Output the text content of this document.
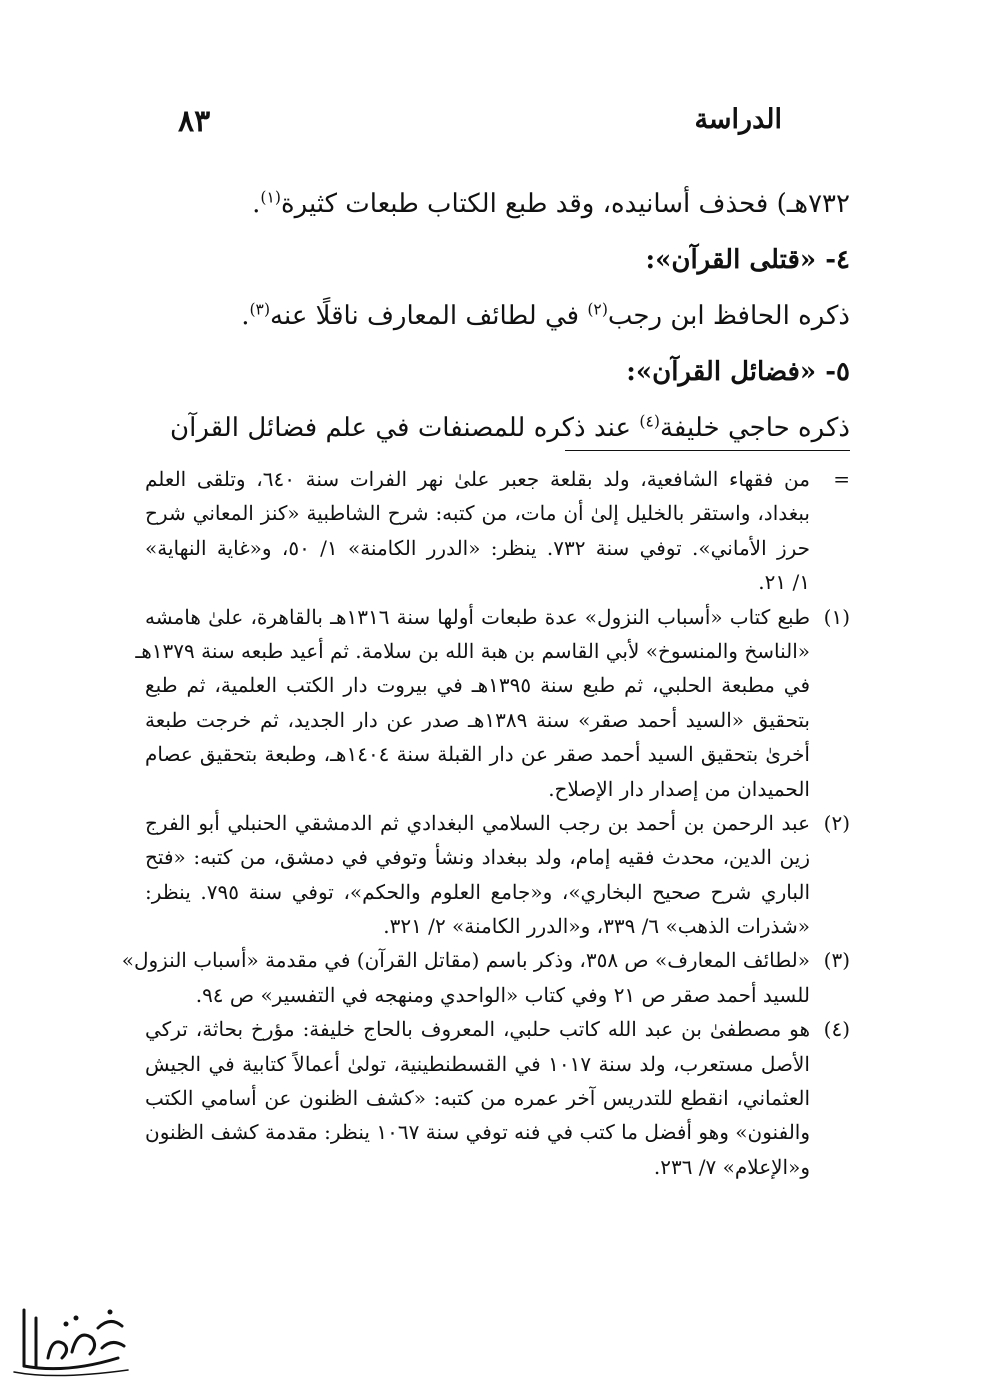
الدراسة
٨٣
٧٣٢هـ) فحذف أسانيده، وقد طبع الكتاب طبعات كثيرة$^{(١)}$.
٤- «قتلى القرآن»:
ذكره الحافظ ابن رجب$^{(٢)}$ في لطائف المعارف ناقلًا عنه$^{(٣)}$.
٥- «فضائل القرآن»:
ذكره حاجي خليفة$^{(٤)}$ عند ذكره للمصنفات في علم فضائل القرآن
=
من فقهاء الشافعية، ولد بقلعة جعبر علىٰ نهر الفرات سنة ٦٤٠، وتلقى العلم
ببغداد، واستقر بالخليل إلىٰ أن مات، من كتبه: شرح الشاطبية «كنز المعاني شرح
حرز الأماني». توفي سنة ٧٣٢. ينظر: «الدرر الكامنة» ١/ ٥٠، و«غاية النهاية»
١/ ٢١.
(١)
طبع كتاب «أسباب النزول» عدة طبعات أولها سنة ١٣١٦هـ بالقاهرة، علىٰ هامشه
«الناسخ والمنسوخ» لأبي القاسم بن هبة الله بن سلامة. ثم أعيد طبعه سنة ١٣٧٩هـ
في مطبعة الحلبي، ثم طبع سنة ١٣٩٥هـ في بيروت دار الكتب العلمية، ثم طبع
بتحقيق «السيد أحمد صقر» سنة ١٣٨٩هـ صدر عن دار الجديد، ثم خرجت طبعة
أخرىٰ بتحقيق السيد أحمد صقر عن دار القبلة سنة ١٤٠٤هـ، وطبعة بتحقيق عصام
الحميدان من إصدار دار الإصلاح.
(٢)
عبد الرحمن بن أحمد بن رجب السلامي البغدادي ثم الدمشقي الحنبلي أبو الفرج
زين الدين، محدث فقيه إمام، ولد ببغداد ونشأ وتوفي في دمشق، من كتبه: «فتح
الباري شرح صحيح البخاري»، و«جامع العلوم والحكم»، توفي سنة ٧٩٥. ينظر:
«شذرات الذهب» ٦/ ٣٣٩، و«الدرر الكامنة» ٢/ ٣٢١.
(٣)
«لطائف المعارف» ص ٣٥٨، وذكر باسم (مقاتل القرآن) في مقدمة «أسباب النزول»
للسيد أحمد صقر ص ٢١ وفي كتاب «الواحدي ومنهجه في التفسير» ص ٩٤.
(٤)
هو مصطفىٰ بن عبد الله كاتب حلبي، المعروف بالحاج خليفة: مؤرخ بحاثة، تركي
الأصل مستعرب، ولد سنة ١٠١٧ في القسطنطينية، تولىٰ أعمالاً كتابية في الجيش
العثماني، انقطع للتدريس آخر عمره من كتبه: «كشف الظنون عن أسامي الكتب
والفنون» وهو أفضل ما كتب في فنه توفي سنة ١٠٦٧ ينظر: مقدمة كشف الظنون
و«الإعلام» ٧/ ٢٣٦.
